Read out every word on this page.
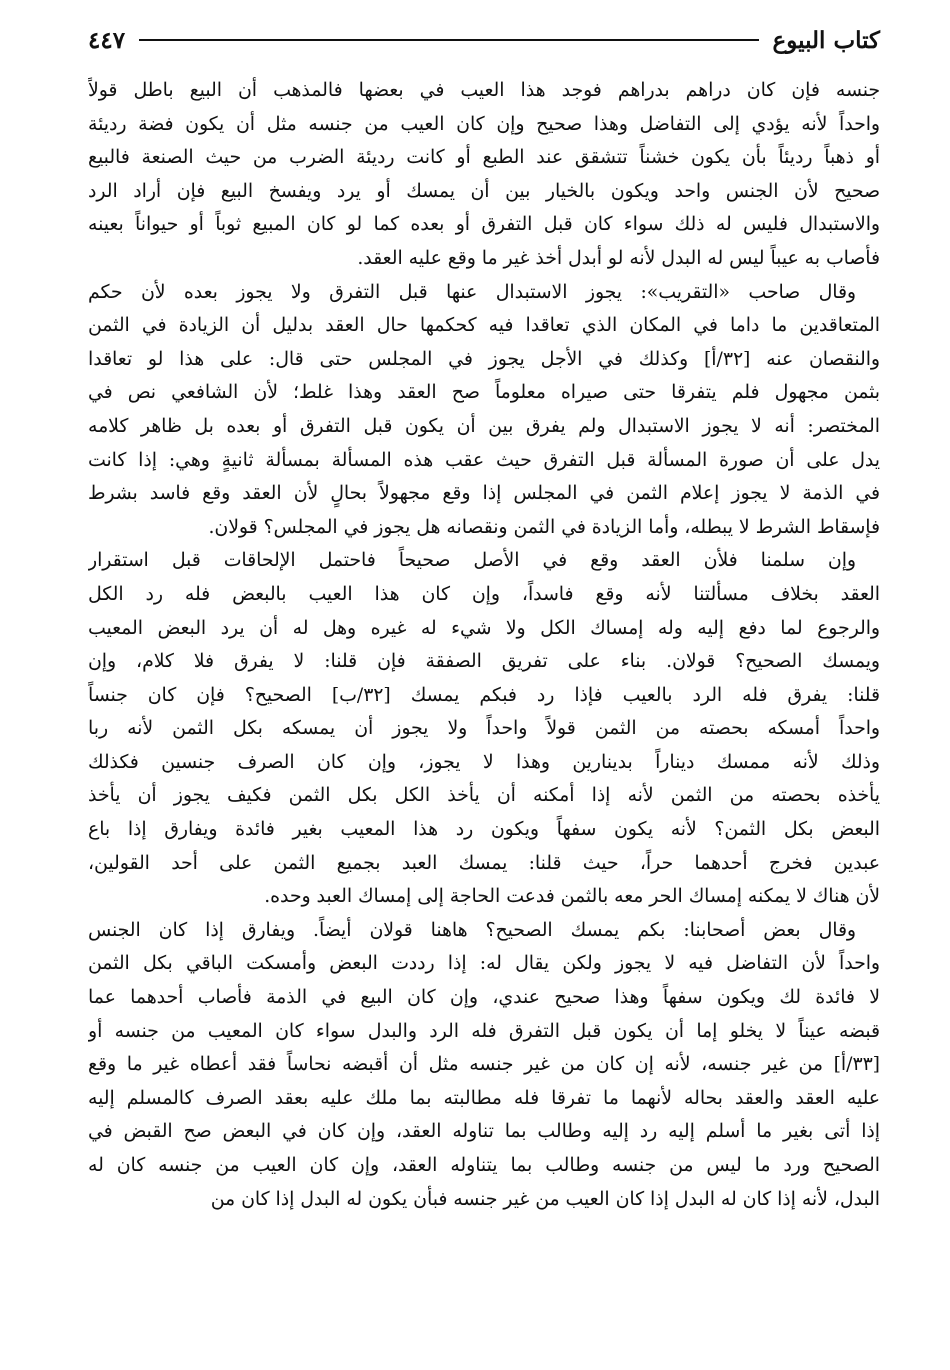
كتاب البيوع
٤٤٧
جنسه فإن كان دراهم بدراهم فوجد هذا العيب في بعضها فالمذهب أن البيع باطل قولاً
واحداً لأنه يؤدي إلى التفاضل وهذا صحيح وإن كان العيب من جنسه مثل أن يكون فضة رديئة
أو ذهباً رديئاً بأن يكون خشناً تتشقق عند الطبع أو كانت رديئة الضرب من حيث الصنعة فالبيع
صحيح لأن الجنس واحد ويكون بالخيار بين أن يمسك أو يرد ويفسخ البيع فإن أراد الرد
والاستبدال فليس له ذلك سواء كان قبل التفرق أو بعده كما لو كان المبيع ثوباً أو حيواناً بعينه
فأصاب به عيباً ليس له البدل لأنه لو أبدل أخذ غير ما وقع عليه العقد.
وقال صاحب «التقريب»: يجوز الاستبدال عنها قبل التفرق ولا يجوز بعده لأن حكم
المتعاقدين ما داما في المكان الذي تعاقدا فيه كحكمها حال العقد بدليل أن الزيادة في الثمن
والنقصان عنه [٣٢/أ] وكذلك في الأجل يجوز في المجلس حتى قال: على هذا لو تعاقدا
بثمن مجهول فلم يتفرقا حتى صيراه معلوماً صح العقد وهذا غلط؛ لأن الشافعي نص في
المختصر: أنه لا يجوز الاستبدال ولم يفرق بين أن يكون قبل التفرق أو بعده بل ظاهر كلامه
يدل على أن صورة المسألة قبل التفرق حيث عقب هذه المسألة بمسألة ثانيةٍ وهي: إذا كانت
في الذمة لا يجوز إعلام الثمن في المجلس إذا وقع مجهولاً بحالٍ لأن العقد وقع فاسد بشرط
فإسقاط الشرط لا يبطله، وأما الزيادة في الثمن ونقصانه هل يجوز في المجلس؟ قولان.
وإن سلمنا فلأن العقد وقع في الأصل صحيحاً فاحتمل الإلحاقات قبل استقرار
العقد بخلاف مسألتنا لأنه وقع فاسداً، وإن كان هذا العيب بالبعض فله رد الكل
والرجوع لما دفع إليه وله إمساك الكل ولا شيء له غيره وهل له أن يرد البعض المعيب
ويمسك الصحيح؟ قولان. بناء على تفريق الصفقة فإن قلنا: لا يفرق فلا كلام، وإن
قلنا: يفرق فله الرد بالعيب فإذا رد فبكم يمسك [٣٢/ب] الصحيح؟ فإن كان جنساً
واحداً أمسكه بحصته من الثمن قولاً واحداً ولا يجوز أن يمسكه بكل الثمن لأنه ربا
وذلك لأنه ممسك ديناراً بدينارين وهذا لا يجوز، وإن كان الصرف جنسين فكذلك
يأخذه بحصته من الثمن لأنه إذا أمكنه أن يأخذ الكل بكل الثمن فكيف يجوز أن يأخذ
البعض بكل الثمن؟ لأنه يكون سفهاً ويكون رد هذا المعيب بغير فائدة ويفارق إذا باع
عبدين فخرج أحدهما حراً، حيث قلنا: يمسك العبد بجميع الثمن على أحد القولين،
لأن هناك لا يمكنه إمساك الحر معه بالثمن فدعت الحاجة إلى إمساك العبد وحده.
وقال بعض أصحابنا: بكم يمسك الصحيح؟ هاهنا قولان أيضاً. ويفارق إذا كان الجنس
واحداً لأن التفاضل فيه لا يجوز ولكن يقال له: إذا رددت البعض وأمسكت الباقي بكل الثمن
لا فائدة لك ويكون سفهاً وهذا صحيح عندي، وإن كان البيع في الذمة فأصاب أحدهما عما
قبضه عيناً لا يخلو إما أن يكون قبل التفرق فله الرد والبدل سواء كان المعيب من جنسه أو
[٣٣/أ] من غير جنسه، لأنه إن كان من غير جنسه مثل أن أقبضه نحاساً فقد أعطاه غير ما وقع
عليه العقد والعقد بحاله لأنهما ما تفرقا فله مطالبته بما ملك عليه بعقد الصرف كالمسلم إليه
إذا أتى بغير ما أسلم إليه رد إليه وطالب بما تناوله العقد، وإن كان في البعض صح القبض في
الصحيح ورد ما ليس من جنسه وطالب بما يتناوله العقد، وإن كان العيب من جنسه كان له
البدل، لأنه إذا كان له البدل إذا كان العيب من غير جنسه فبأن يكون له البدل إذا كان من
